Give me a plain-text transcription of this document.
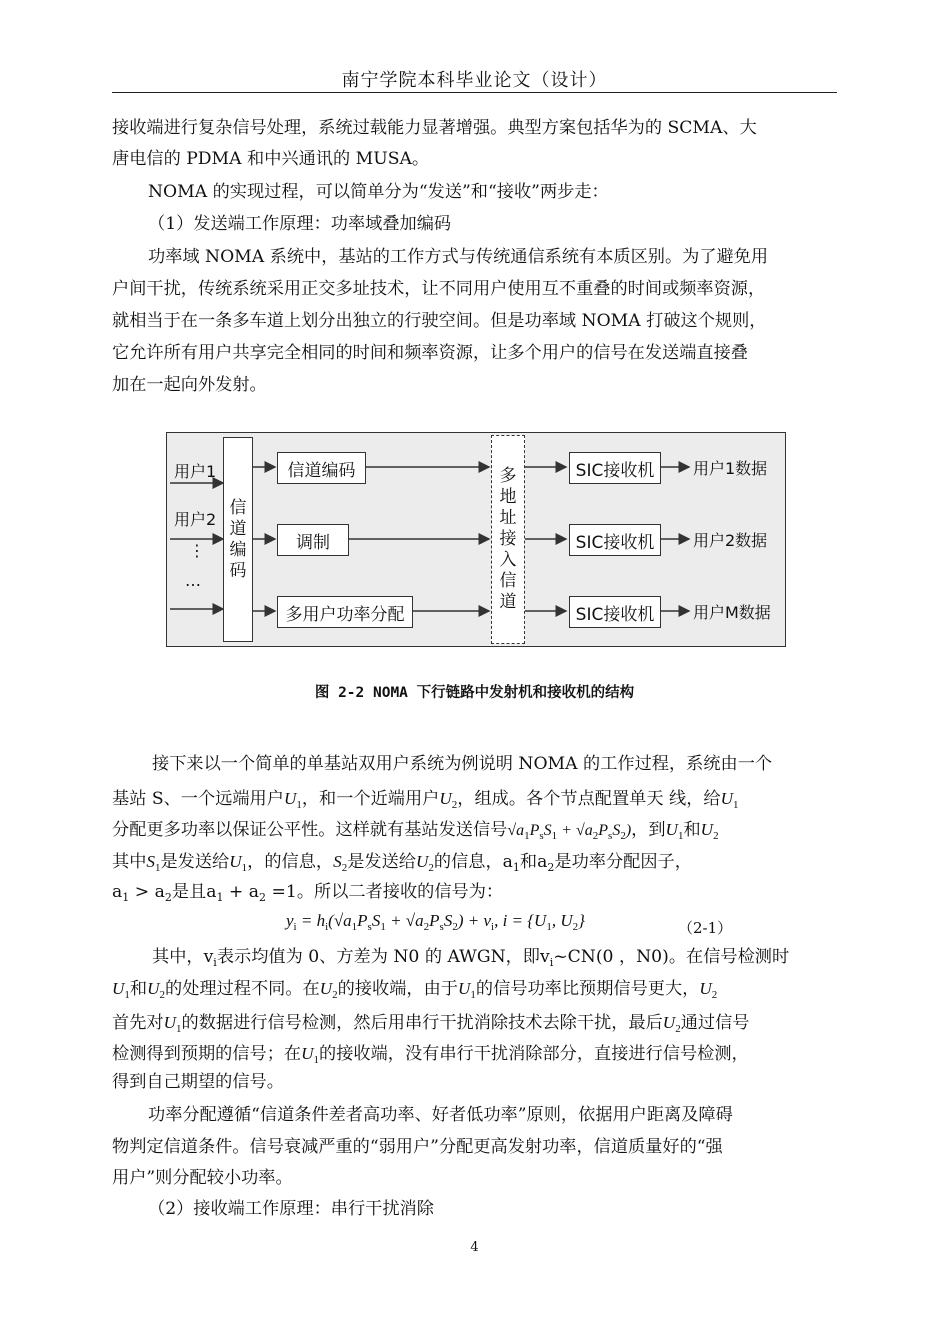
南宁学院本科毕业论文（设计）
接收端进行复杂信号处理，系统过载能力显著增强。典型方案包括华为的 SCMA、大
唐电信的 PDMA 和中兴通讯的 MUSA。
NOMA 的实现过程，可以简单分为“发送”和“接收”两步走：
（1）发送端工作原理：功率域叠加编码
功率域 NOMA 系统中，基站的工作方式与传统通信系统有本质区别。为了避免用
户间干扰，传统系统采用正交多址技术，让不同用户使用互不重叠的时间或频率资源，
就相当于在一条多车道上划分出独立的行驶空间。但是功率域 NOMA 打破这个规则，
它允许所有用户共享完全相同的时间和频率资源，让多个用户的信号在发送端直接叠
加在一起向外发射。
用户1
用户2
⋮
…
信道编码
信道编码
调制
多用户功率分配
多地址接入信道
SIC接收机
SIC接收机
SIC接收机
用户1数据
用户2数据
用户M数据
图 2-2 NOMA 下行链路中发射机和接收机的结构
接下来以一个简单的单基站双用户系统为例说明 NOMA 的工作过程，系统由一个
基站 S、一个远端用户$U_1$，和一个近端用户$U_2$，组成。各个节点配置单天 线，给$U_1$
分配更多功率以保证公平性。这样就有基站发送信号$√a_1P_sS_1 + √a_2P_sS_2$)，到$U_1$和$U_2$
其中$S_1$是发送给$U_1$，的信息，$S_2$是发送给$U_2$的信息，$a_1$和$a_2$是功率分配因子，
$a_1 > a_2$是且$a_1 + a_2 =1$。所以二者接收的信号为：
$y_i = h_i(√a_1P_sS_1 + √a_2P_sS_2) + v_i$, $i = \{U_1$, $U_2$}	（2-1）
其中，$v_i$表示均值为 0、方差为 N0 的 AWGN，即$v_i\sim CN(0$ ，N0)。在信号检测时
$U_1$和$U_2$的处理过程不同。在$U_2$的接收端，由于$U_1$的信号功率比预期信号更大，$U_2$
首先对$U_1$的数据进行信号检测，然后用串行干扰消除技术去除干扰，最后$U_2$通过信号
检测得到预期的信号；在$U_1$的接收端，没有串行干扰消除部分，直接进行信号检测，
得到自己期望的信号。
功率分配遵循“信道条件差者高功率、好者低功率”原则，依据用户距离及障碍
物判定信道条件。信号衰减严重的“弱用户”分配更高发射功率，信道质量好的“强
用户”则分配较小功率。
（2）接收端工作原理：串行干扰消除
4
